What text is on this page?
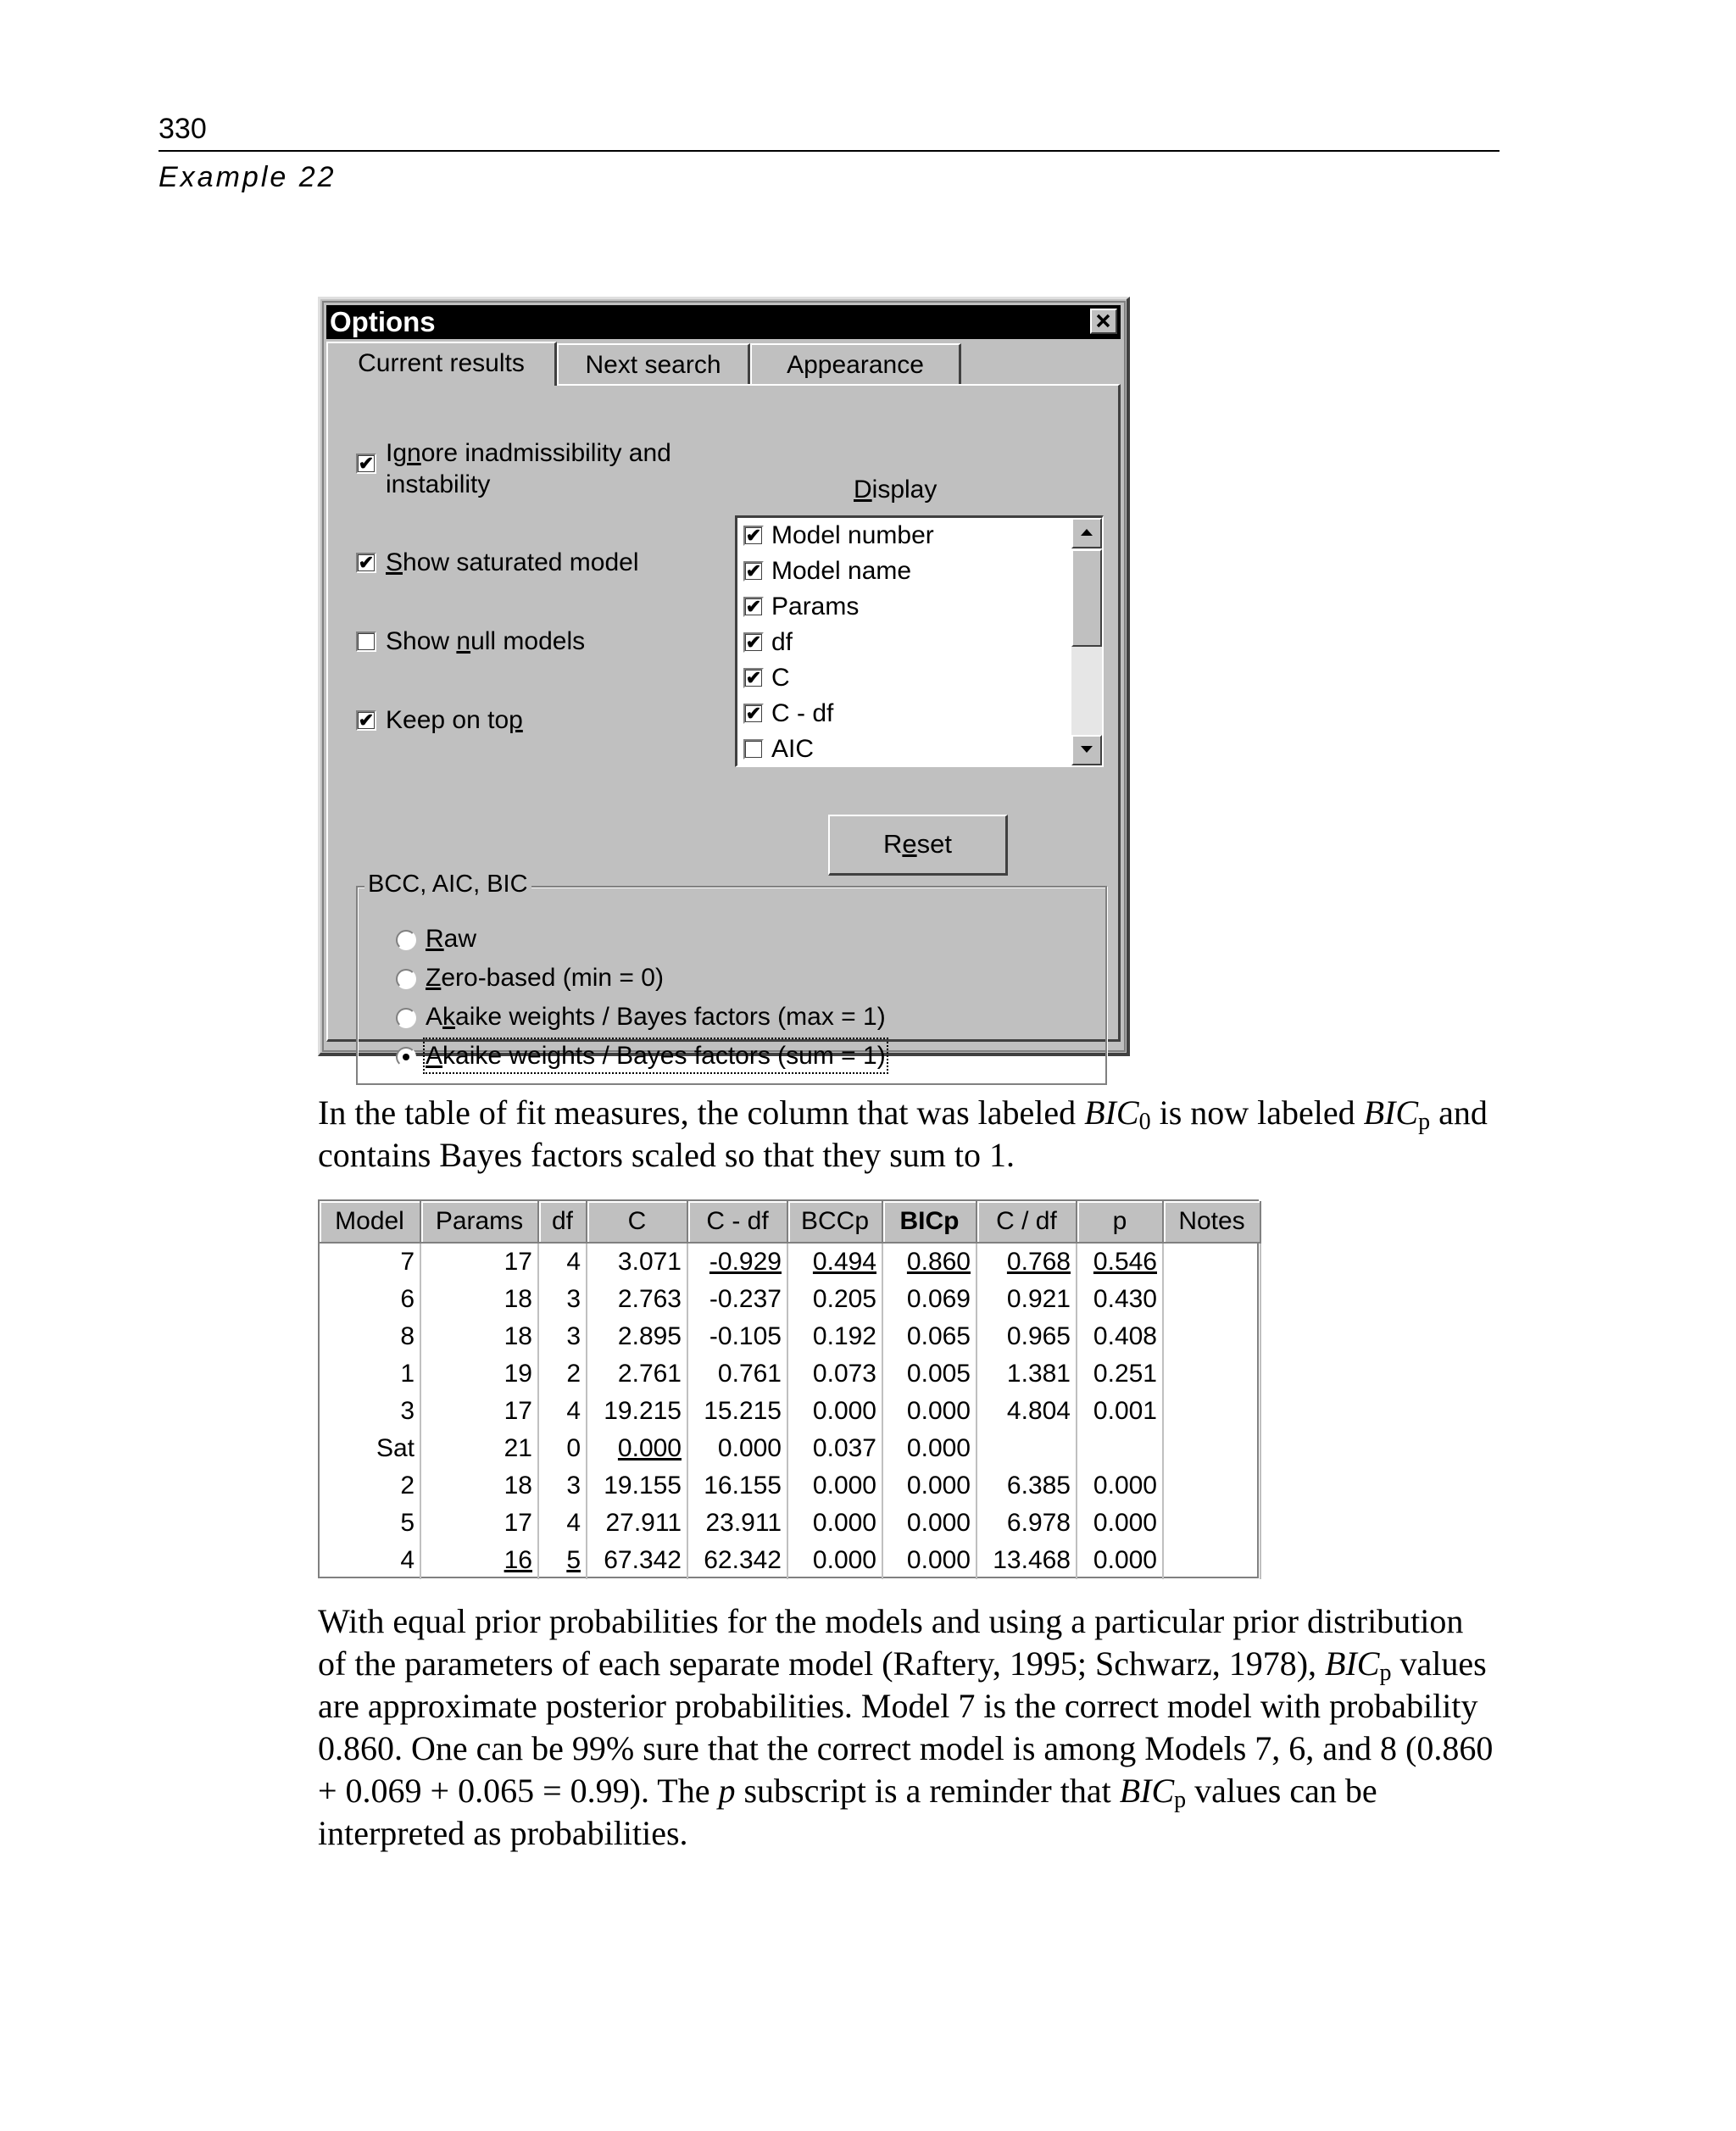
330
Example 22
Options
✔ Ignore inadmissibility and
instability
✔ Show saturated model
Show null models
✔ Keep on top
Display
✔ Model number
✔ Model name
✔ Params
✔ df
✔ C
✔ C - df
AIC
Reset
BCC, AIC, BIC
Raw
Zero-based (min = 0)
Akaike weights / Bayes factors (max = 1)
Akaike weights / Bayes factors (sum = 1)
Current results	Next search	Appearance
In the table of fit measures, the column that was labeled $BIC_0$ is now labeled $BIC_p$ and
contains Bayes factors scaled so that they sum to 1.
Model	Params	df	C	C - df	BCCp	BICp	C / df	p	Notes
7	17	4	3.071	-0.929	0.494	0.860	0.768	0.546	
6	18	3	2.763	-0.237	0.205	0.069	0.921	0.430	
8	18	3	2.895	-0.105	0.192	0.065	0.965	0.408	
1	19	2	2.761	0.761	0.073	0.005	1.381	0.251	
3	17	4	19.215	15.215	0.000	0.000	4.804	0.001	
Sat	21	0	0.000	0.000	0.037	0.000			
2	18	3	19.155	16.155	0.000	0.000	6.385	0.000	
5	17	4	27.911	23.911	0.000	0.000	6.978	0.000	
4	16	5	67.342	62.342	0.000	0.000	13.468	0.000	
With equal prior probabilities for the models and using a particular prior distribution
of the parameters of each separate model (Raftery, 1995; Schwarz, 1978), $BIC_p$ values
are approximate posterior probabilities. Model 7 is the correct model with probability
0.860. One can be 99% sure that the correct model is among Models 7, 6, and 8 (0.860
+ 0.069 + 0.065 = 0.99). The p subscript is a reminder that $BIC_p$ values can be
interpreted as probabilities.
